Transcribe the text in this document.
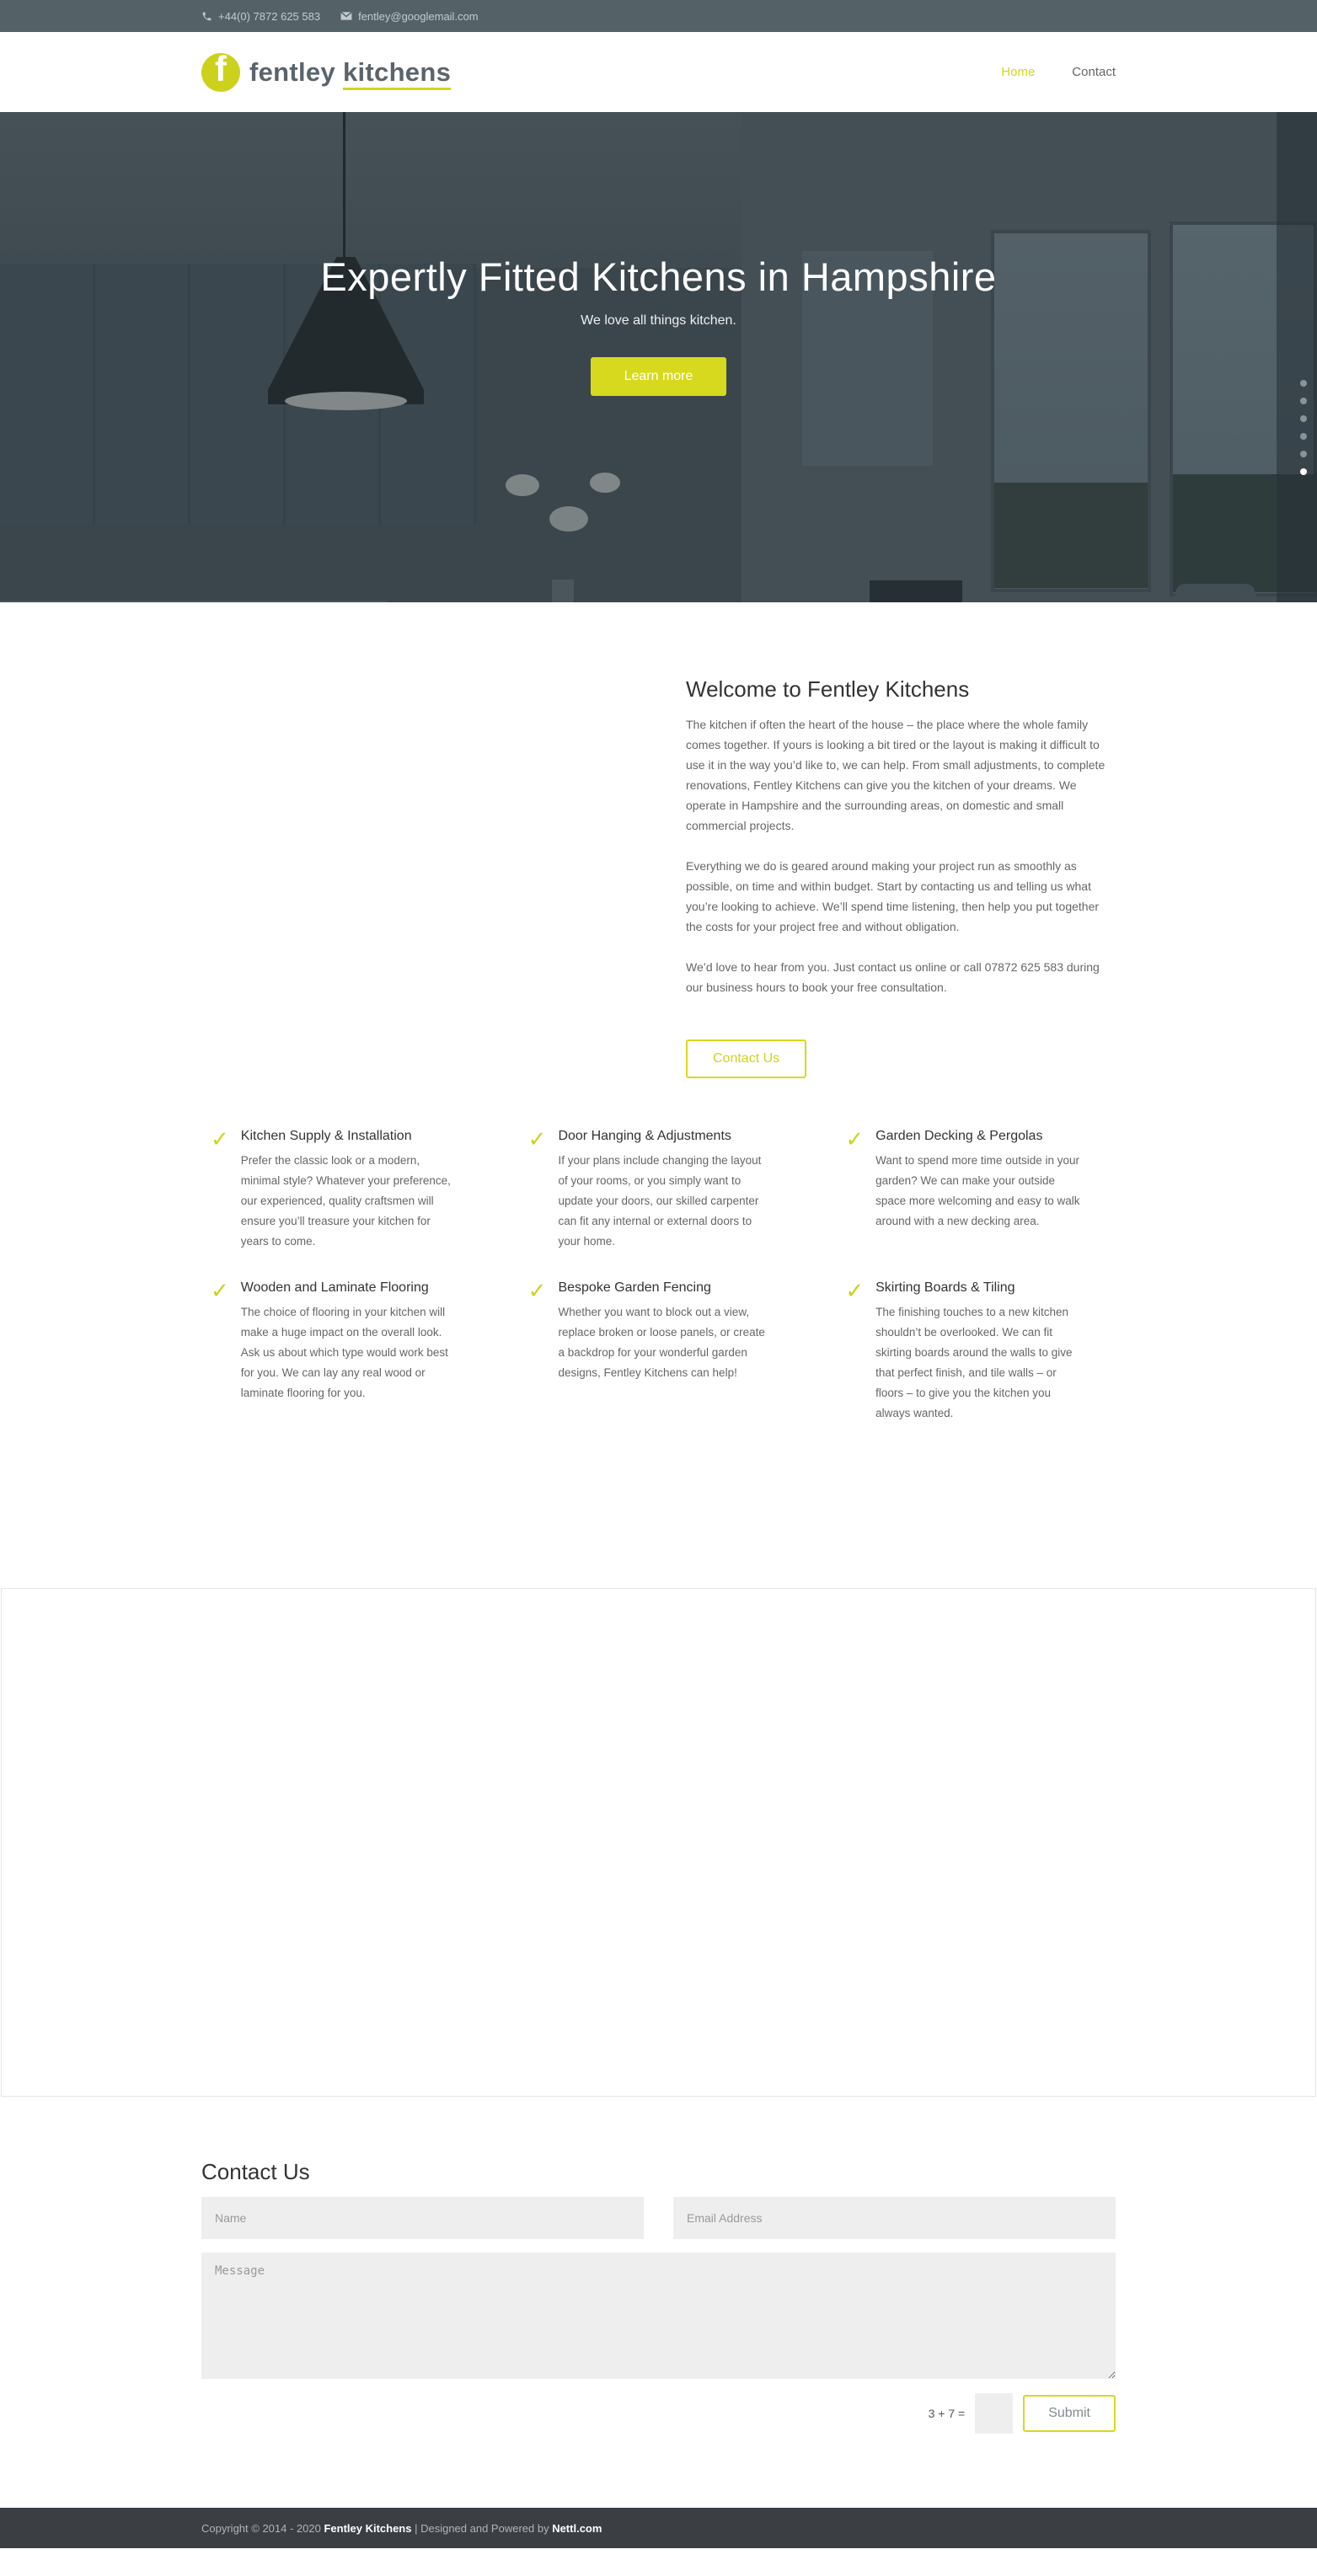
+44(0) 7872 625 583	fentley@googlemail.com
f fentley kitchens	Home	Contact
Expertly Fitted Kitchens in Hampshire
We love all things kitchen.
Learn more
Welcome to Fentley Kitchens

The kitchen if often the heart of the house – the place where the whole family comes together. If yours is looking a bit tired or the layout is making it difficult to use it in the way you’d like to, we can help. From small adjustments, to complete renovations, Fentley Kitchens can give you the kitchen of your dreams. We operate in Hampshire and the surrounding areas, on domestic and small commercial projects.

Everything we do is geared around making your project run as smoothly as possible, on time and within budget. Start by contacting us and telling us what you’re looking to achieve. We’ll spend time listening, then help you put together the costs for your project free and without obligation.

We’d love to hear from you. Just contact us online or call 07872 625 583 during our business hours to book your free consultation.

Contact Us
✓
Kitchen Supply & Installation

Prefer the classic look or a modern, minimal style? Whatever your preference, our experienced, quality craftsmen will ensure you’ll treasure your kitchen for years to come.

✓
Door Hanging & Adjustments

If your plans include changing the layout of your rooms, or you simply want to update your doors, our skilled carpenter can fit any internal or external doors to your home.

✓
Garden Decking & Pergolas

Want to spend more time outside in your garden? We can make your outside space more welcoming and easy to walk around with a new decking area.

✓
Wooden and Laminate Flooring

The choice of flooring in your kitchen will make a huge impact on the overall look. Ask us about which type would work best for you. We can lay any real wood or laminate flooring for you.

✓
Bespoke Garden Fencing

Whether you want to block out a view, replace broken or loose panels, or create a backdrop for your wonderful garden designs, Fentley Kitchens can help!

✓
Skirting Boards & Tiling

The finishing touches to a new kitchen shouldn’t be overlooked. We can fit skirting boards around the walls to give that perfect finish, and tile walls – or floors – to give you the kitchen you always wanted.

Contact Us
Name
Email Address
Message
3 + 7 =	Submit
Copyright © 2014 - 2020 Fentley Kitchens | Designed and Powered by Nettl.com
